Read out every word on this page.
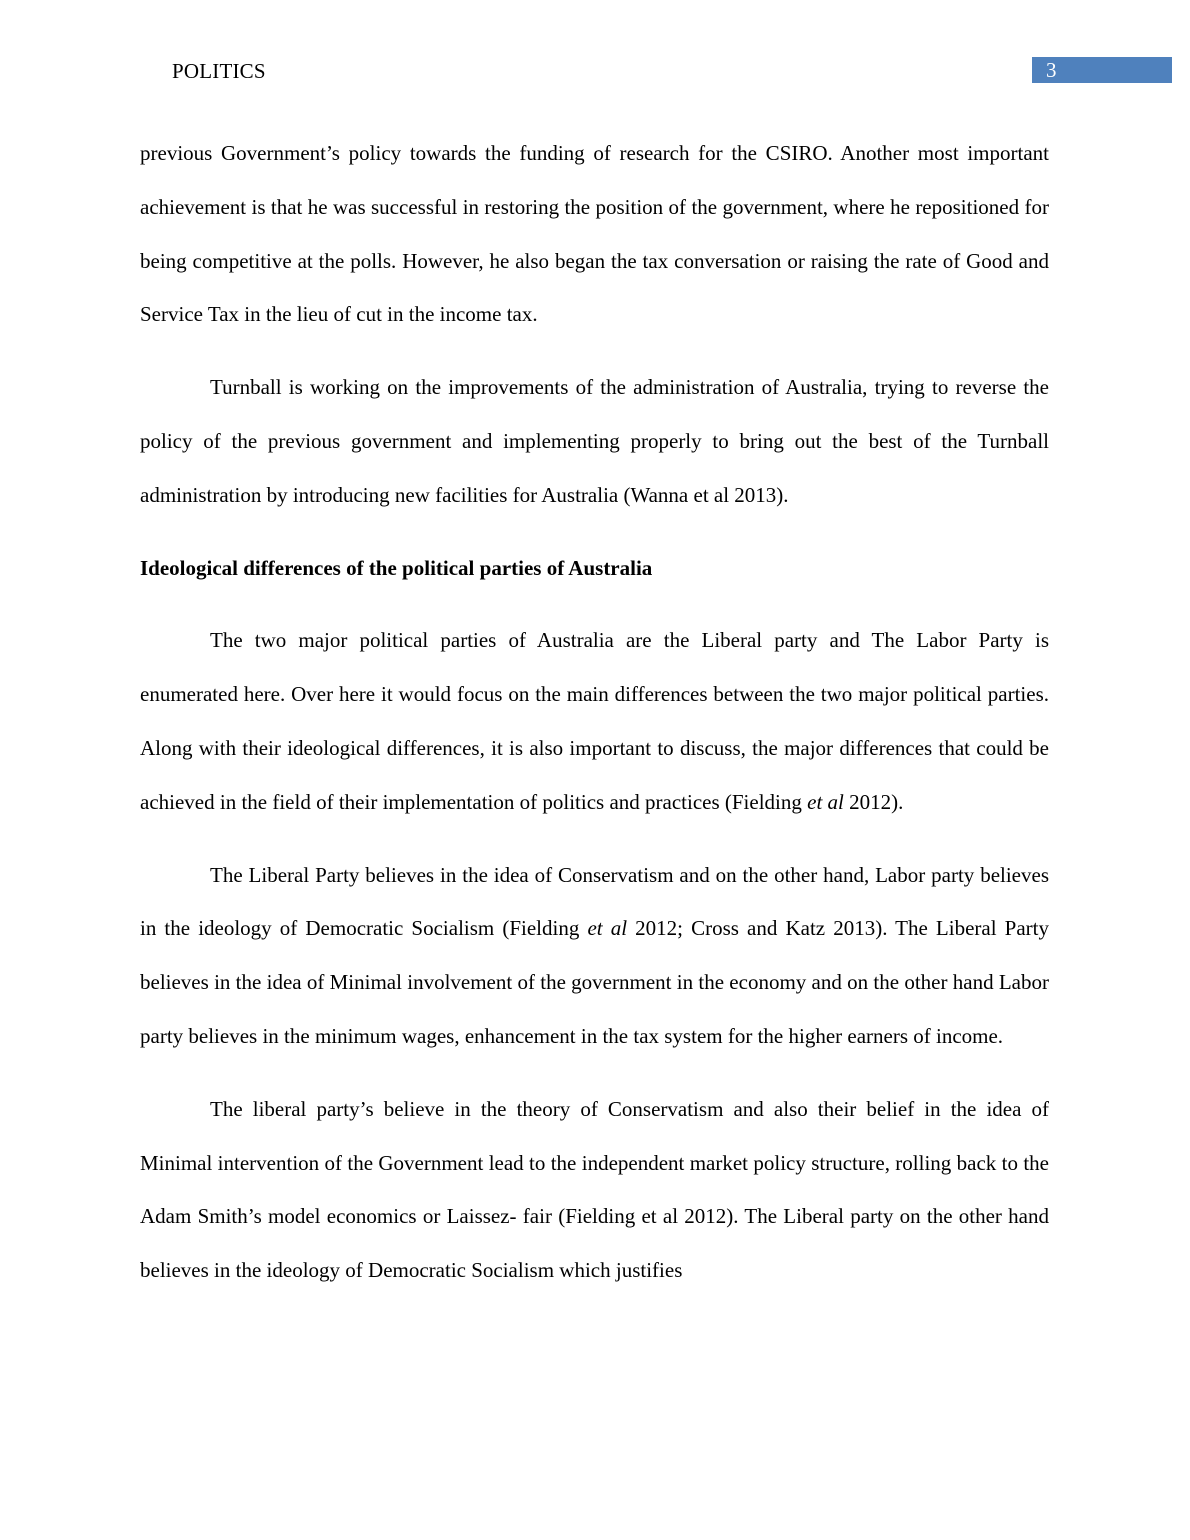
POLITICS	3

previous Government’s policy towards the funding of research for the CSIRO. Another most important achievement is that he was successful in restoring the position of the government, where he repositioned for being competitive at the polls. However, he also began the tax conversation or raising the rate of Good and Service Tax in the lieu of cut in the income tax.

Turnball is working on the improvements of the administration of Australia, trying to reverse the policy of the previous government and implementing properly to bring out the best of the Turnball administration by introducing new facilities for Australia (Wanna et al 2013).

Ideological differences of the political parties of Australia

The two major political parties of Australia are the Liberal party and The Labor Party is enumerated here. Over here it would focus on the main differences between the two major political parties. Along with their ideological differences, it is also important to discuss, the major differences that could be achieved in the field of their implementation of politics and practices (Fielding et al 2012).

The Liberal Party believes in the idea of Conservatism and on the other hand, Labor party believes in the ideology of Democratic Socialism (Fielding et al 2012; Cross and Katz 2013). The Liberal Party believes in the idea of Minimal involvement of the government in the economy and on the other hand Labor party believes in the minimum wages, enhancement in the tax system for the higher earners of income.

The liberal party’s believe in the theory of Conservatism and also their belief in the idea of Minimal intervention of the Government lead to the independent market policy structure, rolling back to the Adam Smith’s model economics or Laissez- fair (Fielding et al 2012). The Liberal party on the other hand believes in the ideology of Democratic Socialism which justifies
